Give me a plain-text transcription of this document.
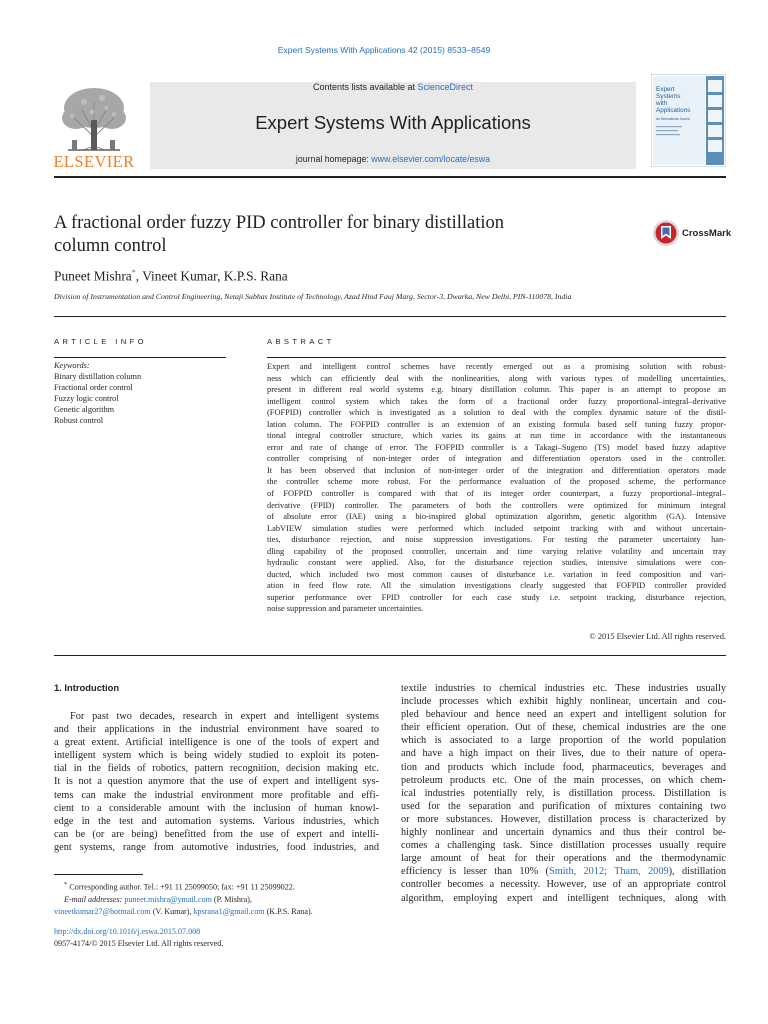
Expert Systems With Applications 42 (2015) 8533–8549
ELSEVIER
Contents lists available at ScienceDirect
Expert Systems With Applications
journal homepage: www.elsevier.com/locate/eswa
Expert
Systems
with
Applications
An International Journal
A fractional order fuzzy PID controller for binary distillation
column control
CrossMark
Puneet Mishra*, Vineet Kumar, K.P.S. Rana
Division of Instrumentation and Control Engineering, Netaji Subhas Institute of Technology, Azad Hind Fauj Marg, Sector-3, Dwarka, New Delhi, PIN-110078, India
ARTICLE INFO
Keywords:
Binary distillation column
Fractional order control
Fuzzy logic control
Genetic algorithm
Robust control
ABSTRACT
Expert and intelligent control schemes have recently emerged out as a promising solution with robust-
ness which can efficiently deal with the nonlinearities, along with various types of modelling uncertainties,
present in different real world systems e.g. binary distillation column. This paper is an attempt to propose an
intelligent control system which takes the form of a fractional order fuzzy proportional–integral–derivative
(FOFPID) controller which is investigated as a solution to deal with the complex dynamic nature of the distil-
lation column. The FOFPID controller is an extension of an existing formula based self tuning fuzzy propor-
tional integral controller structure, which varies its gains at run time in accordance with the instantaneous
error and rate of change of error. The FOFPID controller is a Takagi–Sugeno (TS) model based fuzzy adaptive
controller comprising of non-integer order of integration and differentiation operators used in the controller.
It has been observed that inclusion of non-integer order of the integration and differentiation operators made
the controller scheme more robust. For the performance evaluation of the proposed scheme, the performance
of FOFPID controller is compared with that of its integer order counterpart, a fuzzy proportional–integral–
derivative (FPID) controller. The parameters of both the controllers were optimized for minimum integral
of absolute error (IAE) using a bio-inspired global optimization algorithm, genetic algorithm (GA). Intensive
LabVIEW simulation studies were performed which included setpoint tracking with and without uncertain-
ties, disturbance rejection, and noise suppression investigations. For testing the parameter uncertainty han-
dling capability of the proposed controller, uncertain and time varying relative volatility and uncertain tray
hydraulic constant were applied. Also, for the disturbance rejection studies, intensive simulations were con-
ducted, which included two most common causes of disturbance i.e. variation in feed composition and vari-
ation in feed flow rate. All the simulation investigations clearly suggested that FOFPID controller provided
superior performance over FPID controller for each case study i.e. setpoint tracking, disturbance rejection,
noise suppression and parameter uncertainties.
© 2015 Elsevier Ltd. All rights reserved.
1. Introduction
For past two decades, research in expert and intelligent systems
and their applications in the industrial environment have soared to
a great extent. Artificial intelligence is one of the tools of expert and
intelligent system which is being widely studied to exploit its poten-
tial in the fields of robotics, pattern recognition, decision making etc.
It is not a question anymore that the use of expert and intelligent sys-
tems can make the industrial environment more profitable and effi-
cient to a considerable amount with the inclusion of human knowl-
edge in the test and automation systems. Various industries, which
can be (or are being) benefitted from the use of expert and intelli-
gent systems, range from automotive industries, food industries, and
textile industries to chemical industries etc. These industries usually
include processes which exhibit highly nonlinear, uncertain and cou-
pled behaviour and hence need an expert and intelligent solution for
their efficient operation. Out of these, chemical industries are the one
which is associated to a large proportion of the world population
and have a high impact on their lives, due to their nature of opera-
tion and products which include food, pharmaceutics, beverages and
petroleum products etc. One of the main processes, on which chem-
ical industries potentially rely, is distillation process. Distillation is
used for the separation and purification of mixtures containing two
or more substances. However, distillation process is characterized by
highly nonlinear and uncertain dynamics and thus their control be-
comes a challenging task. Since distillation processes usually require
large amount of heat for their operations and the thermodynamic
efficiency is lesser than 10% (Smith, 2012; Tham, 2009), distillation
controller becomes a necessity. However, use of an appropriate control
algorithm, employing expert and intelligent techniques, along with
* Corresponding author. Tel.: +91 11 25099050; fax: +91 11 25099022.
E-mail addresses: puneet.mishra@ymail.com (P. Mishra),
vineetkumar27@hotmail.com (V. Kumar), kpsrana1@gmail.com (K.P.S. Rana).
http://dx.doi.org/10.1016/j.eswa.2015.07.008
0957-4174/© 2015 Elsevier Ltd. All rights reserved.
